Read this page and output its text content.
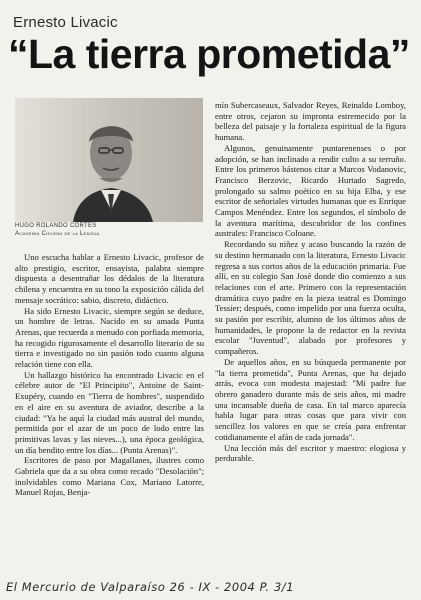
Ernesto Livacic
“La tierra prometida”
HUGO ROLANDO CORTÉS
Academia Chilena de la Lengua

Uno escucha hablar a Ernesto Livacic, profesor de alto prestigio, escritor, ensayista, palabra siempre dispuesta a desentrañar los dédalos de la literatura chilena y encuentra en su tono la exposición cálida del mensaje socrático: sabio, discreto, didáctico.

Ha sido Ernesto Livacic, siempre según se deduce, un hombre de letras. Nacido en su amada Punta Arenas, que recuerda a menudo con porfiada memoria, ha recogido rigurosamente el desarrollo literario de su tierra e investigado no sin pasión todo cuanto alguna relación tiene con ella.

Un hallazgo histórico ha encontrado Livacic en el célebre autor de "El Principito", Antoine de Saint-Exupéry, cuando en "Tierra de hombres", suspendido en el aire en su aventura de aviador, describe a la ciudad: "Ya he aquí la ciudad más austral del mundo, permitida por el azar de un poco de lodo entre las primitivas lavas y las nieves...), una época geológica, un día bendito entre los días... (Punta Arenas)".

Escritores de paso por Magallanes, ilustres como Gabriela que da a su obra como recado "Desolación"; inolvidables como Mariana Cox, Mariano Latorre, Manuel Rojas, Benja-

mín Subercaseaux, Salvador Reyes, Reinaldo Lomboy, entre otros, cejaron su improntа estremecido por la belleza del paisaje y la fortaleza espiritual de la figura humana.

Algunos, genuinamente puntarenenses o por adopción, se han inclinado a rendir culto a su terruño. Entre los primeros bástenos citar a Marcos Vodanovic, Francisco Berzovic, Ricardo Hurtado Sagredo, prolongado su salmo poético en su hija Elba, y ese escritor de señoriales virtudes humanas que es Enrique Campos Menéndez. Entre los segundos, el símbolo de la aventura marítima, descubridor de los confines australes: Francisco Coloane.

Recordando su niñez y acaso buscando la razón de su destino hermanado con la literatura, Ernesto Livacic regresa a sus cortos años de la educación primaria. Fue allí, en su colegio San José donde dio comienzo a sus relaciones con el arte. Primero con la representación dramática cuyo padre en la pieza teatral es Domingo Tessier; después, como impelido por una fuerza oculta, su pasión por escribir, alumno de los últimos años de humanidades, le propone la de redactor en la revista escolar "Juventud", alabado por profesores y compañeros.

De aquellos años, en su búsqueda permanente por "la tierra prometida", Punta Arenas, que ha dejado atrás, evoca con modesta majestad: "Mi padre fue obrero ganadero durante más de seis años, mi madre una incansable dueña de casa. En tal marco aparecía habla lugar para otras cosas que para vivir con sencillez los valores en que se creía para enfrentar cotidianamente el afán de cada jornada".

Una lección más del escritor y maestro: elogiosa y perdurable.

El Mercurio de Valparaíso 26 - IX - 2004 P. 3/1
